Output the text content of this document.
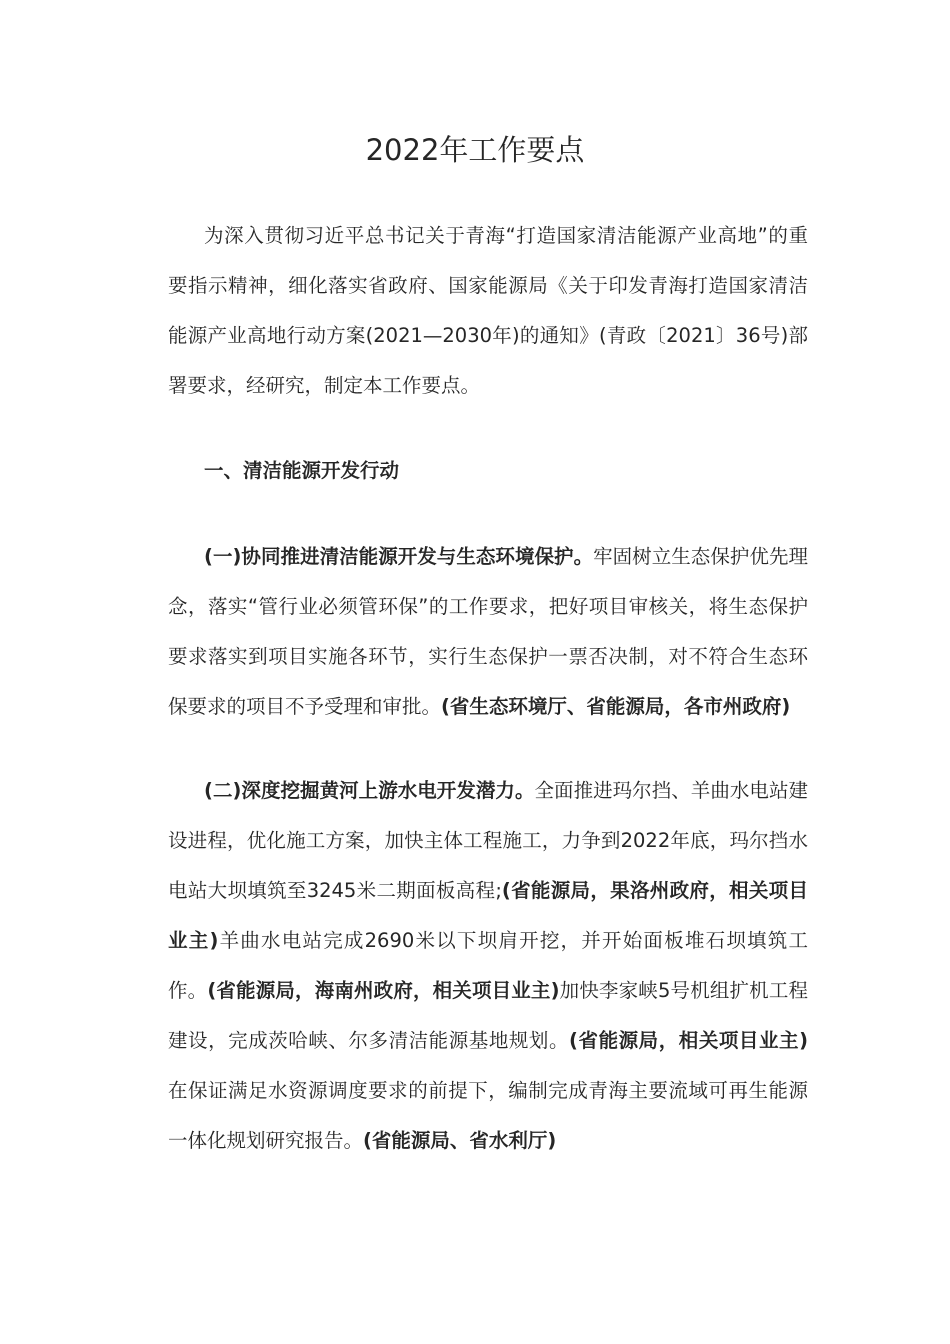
2022年工作要点

为深入贯彻习近平总书记关于青海“打造国家清洁能源产业高地”的重要指示精神，细化落实省政府、国家能源局《关于印发青海打造国家清洁能源产业高地行动方案(2021—2030年)的通知》(青政〔2021〕36号)部署要求，经研究，制定本工作要点。

一、清洁能源开发行动

(一)协同推进清洁能源开发与生态环境保护。牢固树立生态保护优先理念，落实“管行业必须管环保”的工作要求，把好项目审核关，将生态保护要求落实到项目实施各环节，实行生态保护一票否决制，对不符合生态环保要求的项目不予受理和审批。(省生态环境厅、省能源局，各市州政府)

(二)深度挖掘黄河上游水电开发潜力。全面推进玛尔挡、羊曲水电站建设进程，优化施工方案，加快主体工程施工，力争到2022年底，玛尔挡水电站大坝填筑至3245米二期面板高程;(省能源局，果洛州政府，相关项目业主)羊曲水电站完成2690米以下坝肩开挖，并开始面板堆石坝填筑工作。(省能源局，海南州政府，相关项目业主)加快李家峡5号机组扩机工程建设，完成茨哈峡、尔多清洁能源基地规划。(省能源局，相关项目业主)在保证满足水资源调度要求的前提下，编制完成青海主要流域可再生能源一体化规划研究报告。(省能源局、省水利厅)
